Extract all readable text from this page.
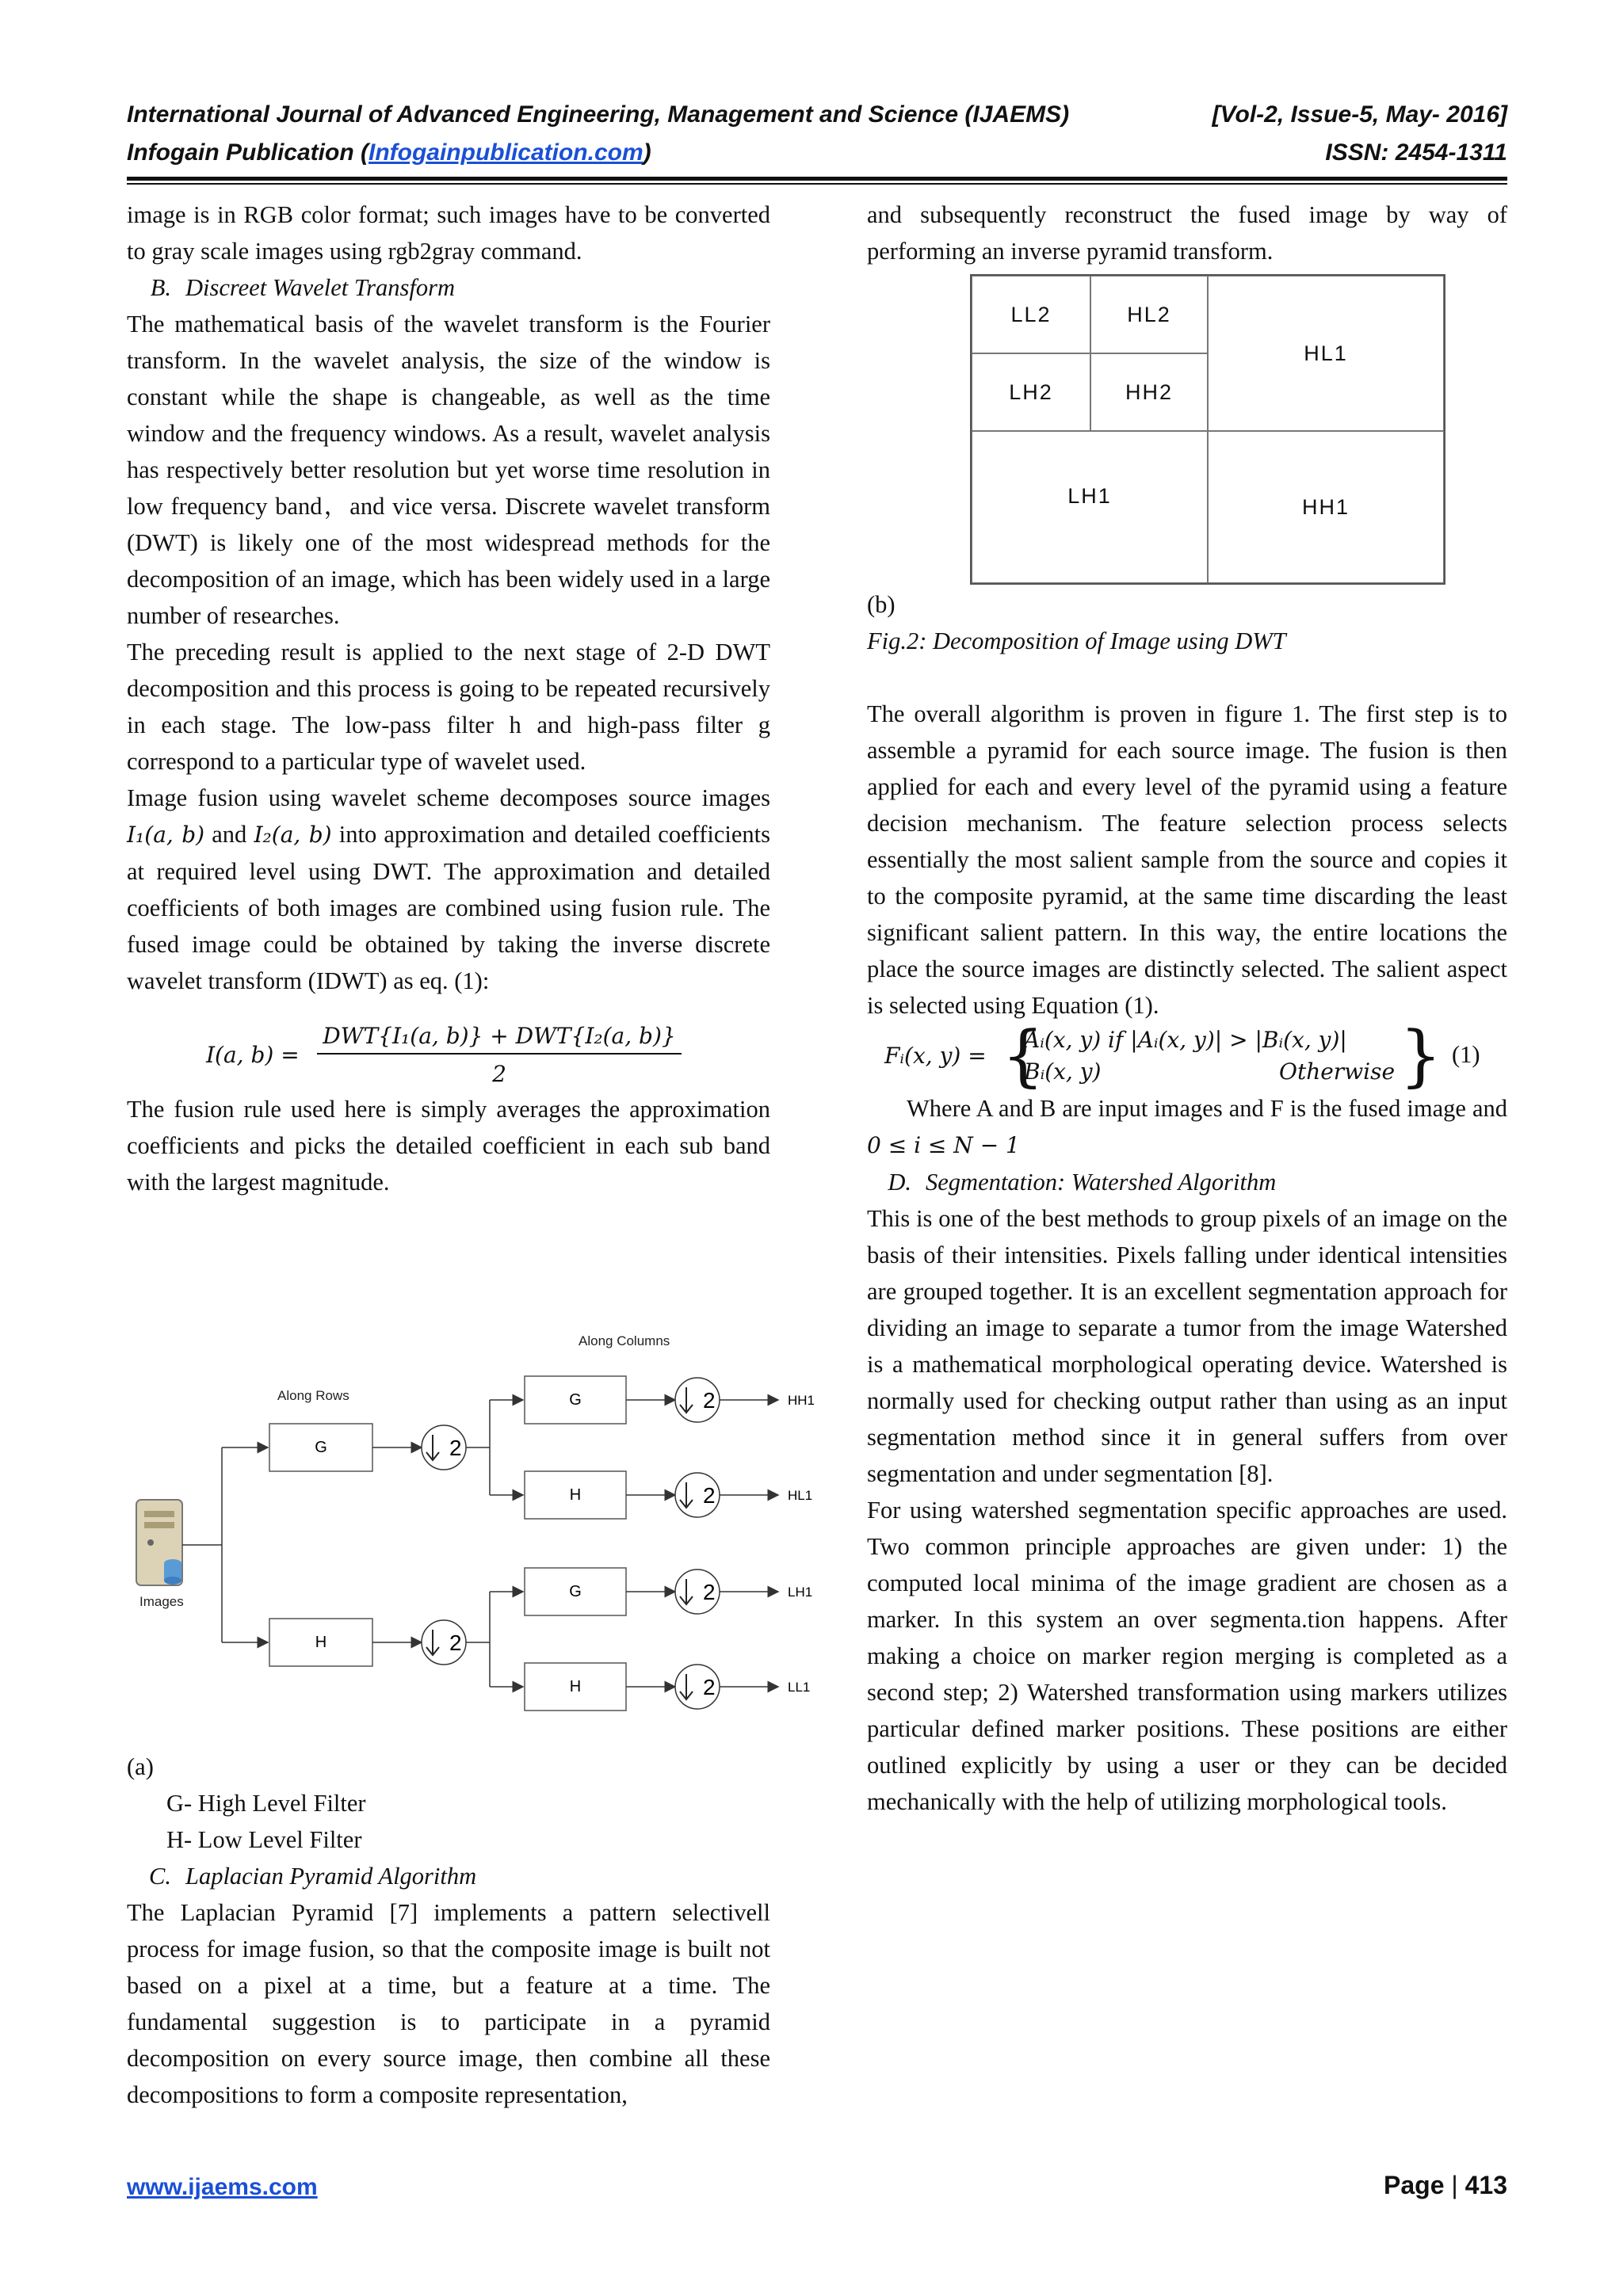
International Journal of Advanced Engineering, Management and Science (IJAEMS)	[Vol-2, Issue-5, May- 2016]
Infogain Publication (Infogainpublication.com)	ISSN: 2454-1311

image is in RGB color format; such images have to be converted to gray scale images using rgb2gray command.

B. Discreet Wavelet Transform

The mathematical basis of the wavelet transform is the Fourier transform. In the wavelet analysis, the size of the window is constant while the shape is changeable, as well as the time window and the frequency windows. As a result, wavelet analysis has respectively better resolution but yet worse time resolution in low frequency band，and vice versa. Discrete wavelet transform (DWT) is likely one of the most widespread methods for the decomposition of an image, which has been widely used in a large number of researches.

The preceding result is applied to the next stage of 2-D DWT decomposition and this process is going to be repeated recursively in each stage. The low-pass filter h and high-pass filter g correspond to a particular type of wavelet used.

Image fusion using wavelet scheme decomposes source images I₁(a, b) and I₂(a, b) into approximation and detailed coefficients at required level using DWT. The approximation and detailed coefficients of both images are combined using fusion rule. The fused image could be obtained by taking the inverse discrete wavelet transform (IDWT) as eq. (1):

I(a, b) =
DWT{I₁(a, b)} + DWT{I₂(a, b)}
2

The fusion rule used here is simply averages the approximation coefficients and picks the detailed coefficient in each sub band with the largest magnitude.

Along Columns
Along Rows
Images
G
H
2
2
G	2	HH1
H	2	HL1
G	2	LH1
H	2	LL1

(a)

G- High Level Filter

H- Low Level Filter

C. Laplacian Pyramid Algorithm

The Laplacian Pyramid [7] implements a pattern selectivell process for image fusion, so that the composite image is built not based on a pixel at a time, but a feature at a time. The fundamental suggestion is to participate in a pyramid decomposition on every source image, then combine all these decompositions to form a composite representation,

and subsequently reconstruct the fused image by way of performing an inverse pyramid transform.

LL2	HL2
LH2	HH2
HL1
LH1	HH1

(b)

Fig.2: Decomposition of Image using DWT

The overall algorithm is proven in figure 1. The first step is to assemble a pyramid for each source image. The fusion is then applied for each and every level of the pyramid using a feature decision mechanism. The feature selection process selects essentially the most salient sample from the source and copies it to the composite pyramid, at the same time discarding the least significant salient pattern. In this way, the entire locations the place the source images are distinctly selected. The salient aspect is selected using Equation (1).

Fᵢ(x, y) = {
Aᵢ(x, y) if |Aᵢ(x, y)| > |Bᵢ(x, y)|
Bᵢ(x, y)	Otherwise } (1)

Where A and B are input images and F is the fused image and 0 ≤ i ≤ N − 1

D. Segmentation: Watershed Algorithm

This is one of the best methods to group pixels of an image on the basis of their intensities. Pixels falling under identical intensities are grouped together. It is an excellent segmentation approach for dividing an image to separate a tumor from the image Watershed is a mathematical morphological operating device. Watershed is normally used for checking output rather than using as an input segmentation method since it in general suffers from over segmentation and under segmentation [8].

For using watershed segmentation specific approaches are used. Two common principle approaches are given under: 1) the computed local minima of the image gradient are chosen as a marker. In this system an over segmenta.tion happens. After making a choice on marker region merging is completed as a second step; 2) Watershed transformation using markers utilizes particular defined marker positions. These positions are either outlined explicitly by using a user or they can be decided mechanically with the help of utilizing morphological tools.

www.ijaems.com	Page | 413
